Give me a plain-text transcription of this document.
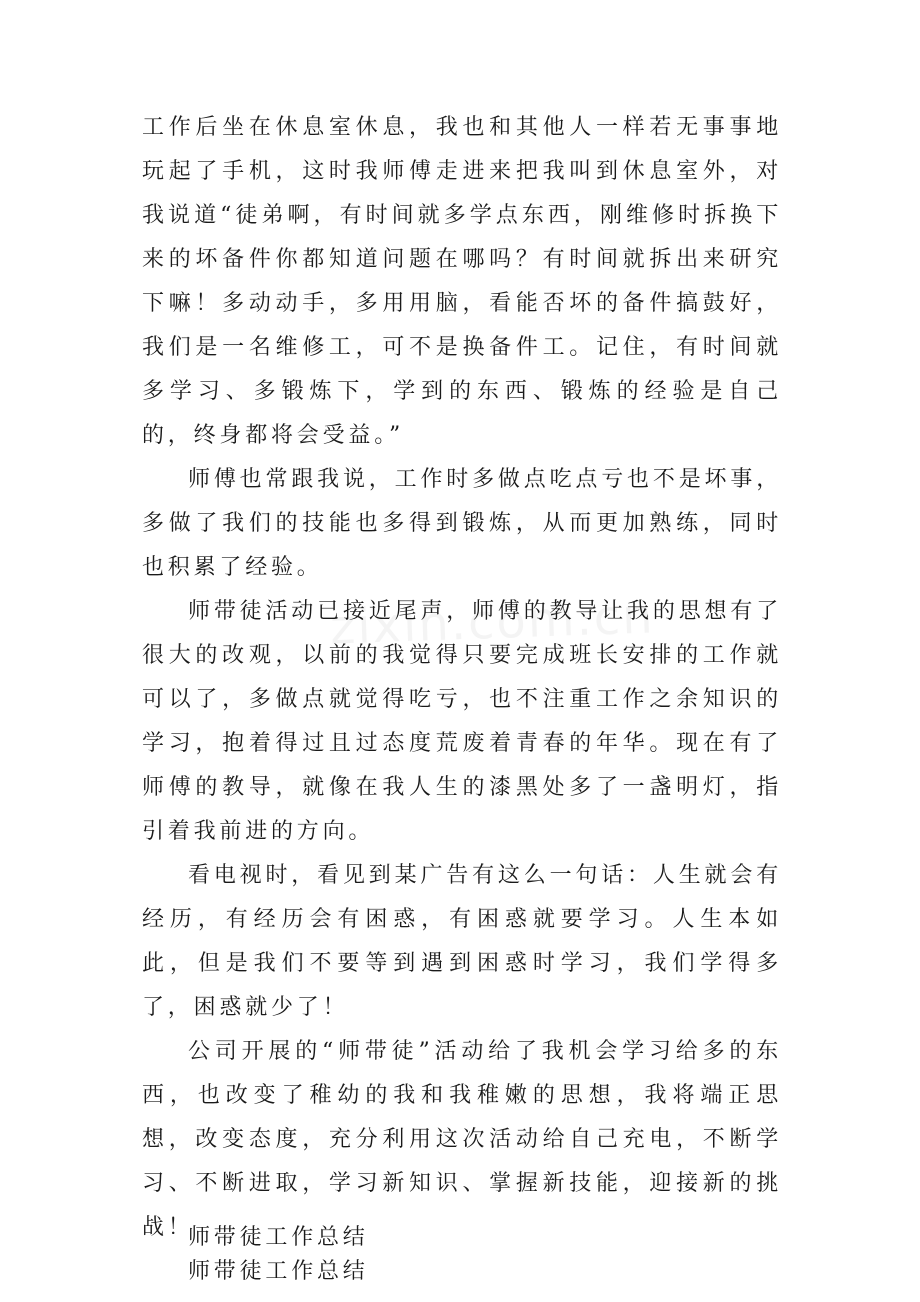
工作后坐在休息室休息，我也和其他人一样若无事事地玩起了手机，这时我师傅走进来把我叫到休息室外，对我说道“徒弟啊，有时间就多学点东西，刚维修时拆换下来的坏备件你都知道问题在哪吗？有时间就拆出来研究下嘛！多动动手，多用用脑，看能否坏的备件搞鼓好，我们是一名维修工，可不是换备件工。记住，有时间就多学习、多锻炼下，学到的东西、锻炼的经验是自己的，终身都将会受益。”

师傅也常跟我说，工作时多做点吃点亏也不是坏事，多做了我们的技能也多得到锻炼，从而更加熟练，同时也积累了经验。

师带徒活动已接近尾声，师傅的教导让我的思想有了很大的改观，以前的我觉得只要完成班长安排的工作就可以了，多做点就觉得吃亏，也不注重工作之余知识的学习，抱着得过且过态度荒废着青春的年华。现在有了师傅的教导，就像在我人生的漆黑处多了一盏明灯，指引着我前进的方向。

看电视时，看见到某广告有这么一句话：人生就会有经历，有经历会有困惑，有困惑就要学习。人生本如此，但是我们不要等到遇到困惑时学习，我们学得多了，困惑就少了！

公司开展的“师带徒”活动给了我机会学习给多的东西，也改变了稚幼的我和我稚嫩的思想，我将端正思想，改变态度，充分利用这次活动给自己充电，不断学习、不断进取，学习新知识、掌握新技能，迎接新的挑战！

师带徒工作总结

师带徒工作总结
